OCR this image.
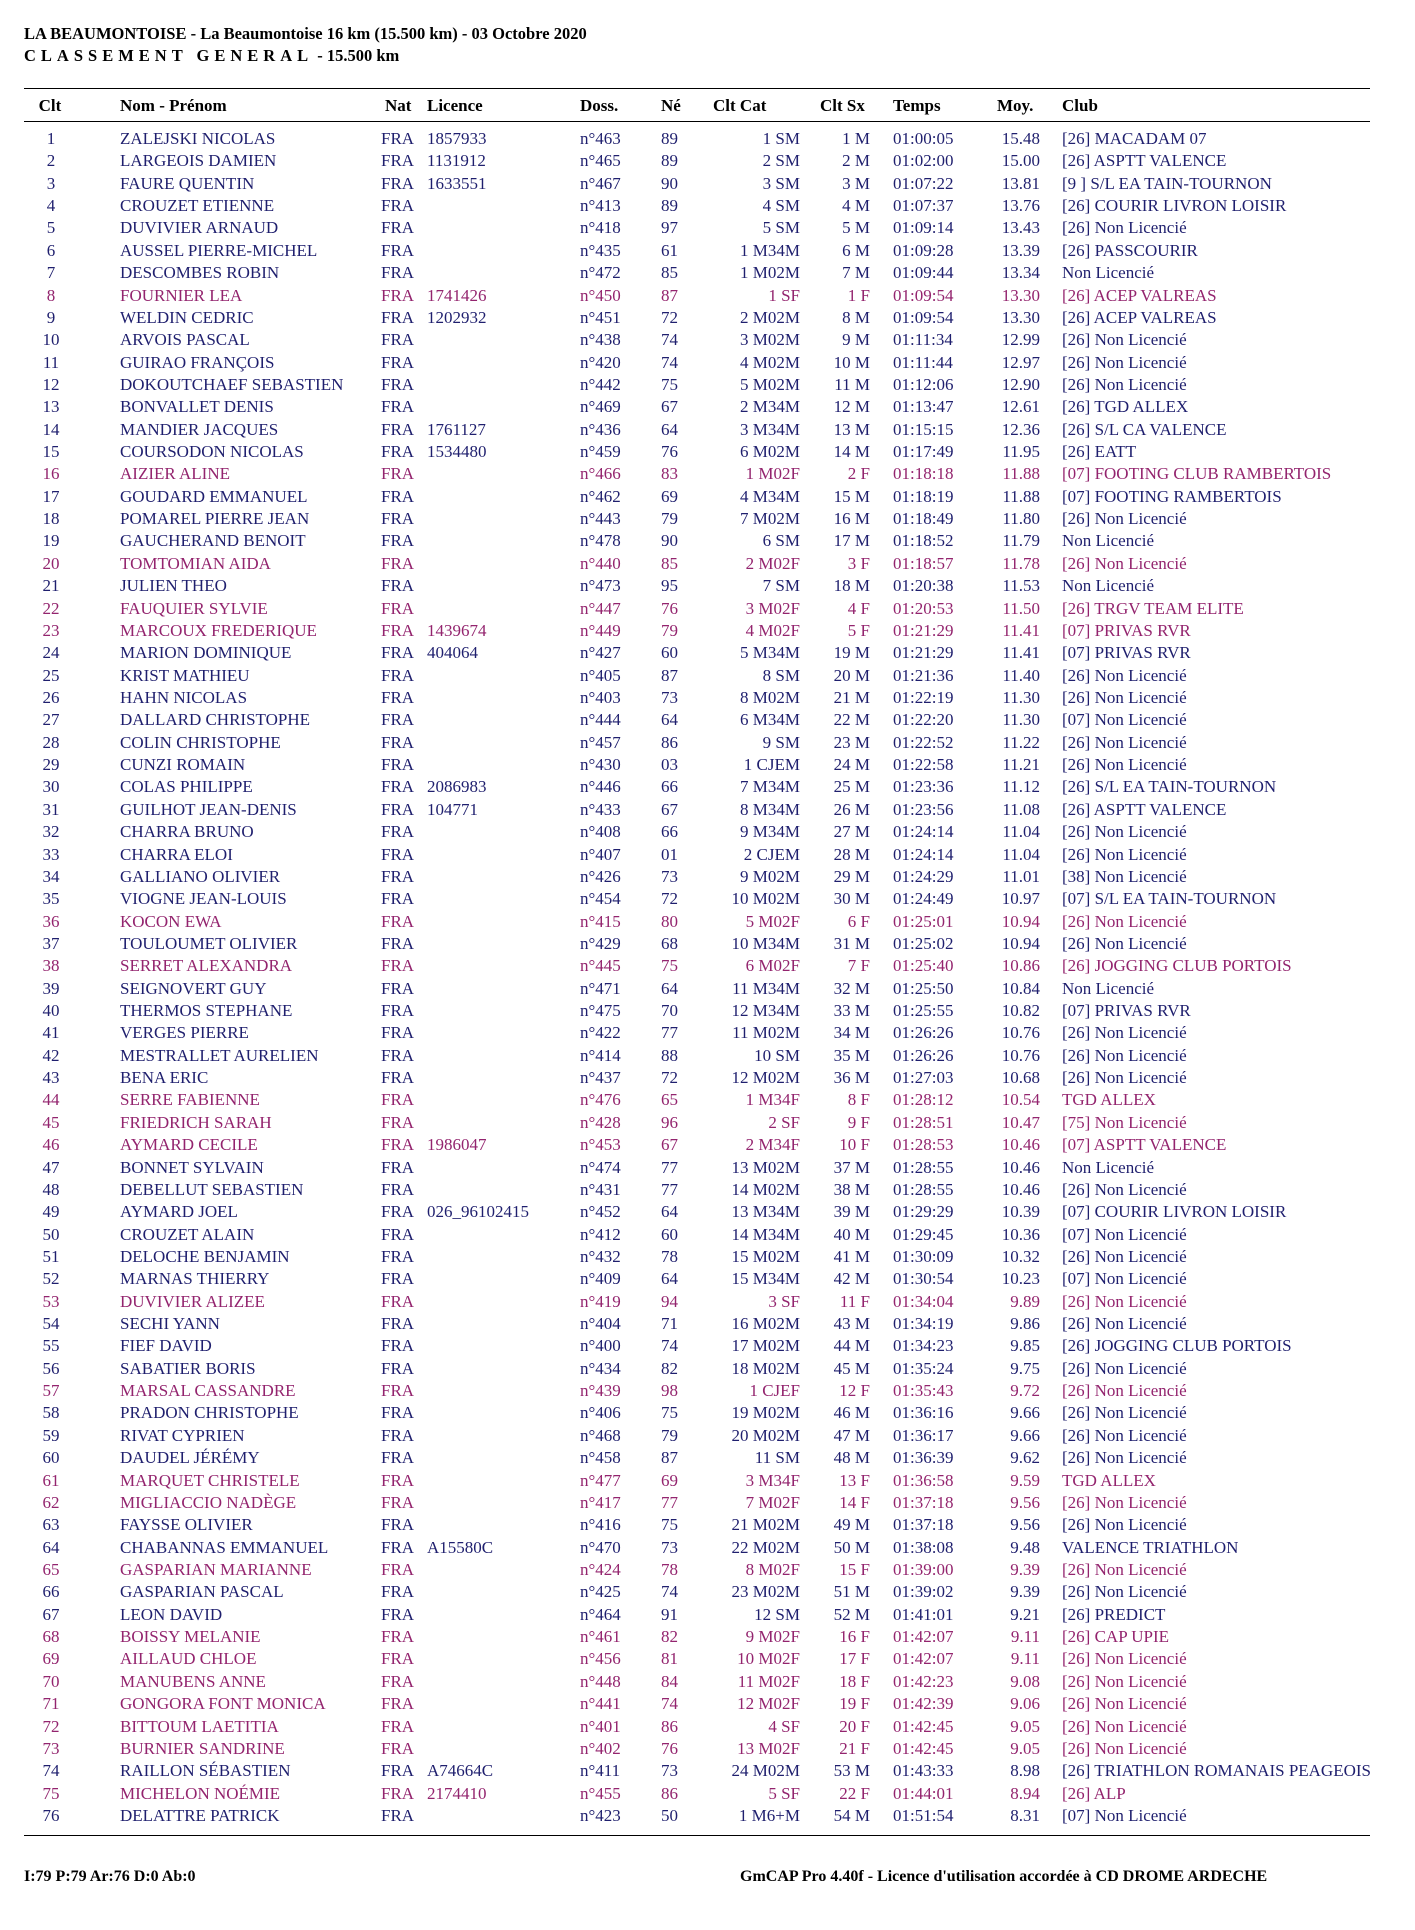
LA BEAUMONTOISE - La Beaumontoise 16 km (15.500 km) - 03 Octobre 2020
CLASSEMENT GENERAL - 15.500 km
Clt	Nom - Prénom	Nat Licence	Doss.	Né Clt Cat	Clt Sx Temps	Moy. Club
1	ZALEJSKI NICOLAS	FRA 1857933	n°463 89	1 SM	1 M 01:00:05	15.48 [26] MACADAM 07
2	LARGEOIS DAMIEN	FRA 1131912	n°465 89	2 SM	2 M 01:02:00	15.00 [26] ASPTT VALENCE
3	FAURE QUENTIN	FRA 1633551	n°467 90	3 SM	3 M 01:07:22	13.81 [9 ] S/L EA TAIN-TOURNON
4	CROUZET ETIENNE	FRA	n°413 89	4 SM	4 M 01:07:37	13.76 [26] COURIR LIVRON LOISIR
5	DUVIVIER ARNAUD	FRA	n°418 97	5 SM	5 M 01:09:14	13.43 [26] Non Licencié
6	AUSSEL PIERRE-MICHEL	FRA	n°435 61	1 M34M	6 M 01:09:28	13.39 [26] PASSCOURIR
7	DESCOMBES ROBIN	FRA	n°472 85	1 M02M	7 M 01:09:44	13.34 Non Licencié
8	FOURNIER LEA	FRA 1741426	n°450 87	1 SF	1 F 01:09:54	13.30 [26] ACEP VALREAS
9	WELDIN CEDRIC	FRA 1202932	n°451 72	2 M02M	8 M 01:09:54	13.30 [26] ACEP VALREAS
10	ARVOIS PASCAL	FRA	n°438 74	3 M02M	9 M 01:11:34	12.99 [26] Non Licencié
11	GUIRAO FRANÇOIS	FRA	n°420 74	4 M02M	10 M 01:11:44	12.97 [26] Non Licencié
12	DOKOUTCHAEF SEBASTIEN FRA	n°442 75	5 M02M	11 M 01:12:06	12.90 [26] Non Licencié
13	BONVALLET DENIS	FRA	n°469 67	2 M34M	12 M 01:13:47	12.61 [26] TGD ALLEX
14	MANDIER JACQUES	FRA 1761127	n°436 64	3 M34M	13 M 01:15:15	12.36 [26] S/L CA VALENCE
15	COURSODON NICOLAS	FRA 1534480	n°459 76	6 M02M	14 M 01:17:49	11.95 [26] EATT
16	AIZIER ALINE	FRA	n°466 83	1 M02F	2 F 01:18:18	11.88 [07] FOOTING CLUB RAMBERTOIS
17	GOUDARD EMMANUEL	FRA	n°462 69	4 M34M	15 M 01:18:19	11.88 [07] FOOTING RAMBERTOIS
18	POMAREL PIERRE JEAN	FRA	n°443 79	7 M02M	16 M 01:18:49	11.80 [26] Non Licencié
19	GAUCHERAND BENOIT	FRA	n°478 90	6 SM	17 M 01:18:52	11.79 Non Licencié
20	TOMTOMIAN AIDA	FRA	n°440 85	2 M02F	3 F 01:18:57	11.78 [26] Non Licencié
21	JULIEN THEO	FRA	n°473 95	7 SM	18 M 01:20:38	11.53 Non Licencié
22	FAUQUIER SYLVIE	FRA	n°447 76	3 M02F	4 F 01:20:53	11.50 [26] TRGV TEAM ELITE
23	MARCOUX FREDERIQUE	FRA 1439674	n°449 79	4 M02F	5 F 01:21:29	11.41 [07] PRIVAS RVR
24	MARION DOMINIQUE	FRA 404064	n°427 60	5 M34M	19 M 01:21:29	11.41 [07] PRIVAS RVR
25	KRIST MATHIEU	FRA	n°405 87	8 SM	20 M 01:21:36	11.40 [26] Non Licencié
26	HAHN NICOLAS	FRA	n°403 73	8 M02M	21 M 01:22:19	11.30 [26] Non Licencié
27	DALLARD CHRISTOPHE	FRA	n°444 64	6 M34M	22 M 01:22:20	11.30 [07] Non Licencié
28	COLIN CHRISTOPHE	FRA	n°457 86	9 SM	23 M 01:22:52	11.22 [26] Non Licencié
29	CUNZI ROMAIN	FRA	n°430 03	1 CJEM	24 M 01:22:58	11.21 [26] Non Licencié
30	COLAS PHILIPPE	FRA 2086983	n°446 66	7 M34M	25 M 01:23:36	11.12 [26] S/L EA TAIN-TOURNON
31	GUILHOT JEAN-DENIS	FRA 104771	n°433 67	8 M34M	26 M 01:23:56	11.08 [26] ASPTT VALENCE
32	CHARRA BRUNO	FRA	n°408 66	9 M34M	27 M 01:24:14	11.04 [26] Non Licencié
33	CHARRA ELOI	FRA	n°407 01	2 CJEM	28 M 01:24:14	11.04 [26] Non Licencié
34	GALLIANO OLIVIER	FRA	n°426 73	9 M02M	29 M 01:24:29	11.01 [38] Non Licencié
35	VIOGNE JEAN-LOUIS	FRA	n°454 72	10 M02M	30 M 01:24:49	10.97 [07] S/L EA TAIN-TOURNON
36	KOCON EWA	FRA	n°415 80	5 M02F	6 F 01:25:01	10.94 [26] Non Licencié
37	TOULOUMET OLIVIER	FRA	n°429 68	10 M34M	31 M 01:25:02	10.94 [26] Non Licencié
38	SERRET ALEXANDRA	FRA	n°445 75	6 M02F	7 F 01:25:40	10.86 [26] JOGGING CLUB PORTOIS
39	SEIGNOVERT GUY	FRA	n°471 64	11 M34M	32 M 01:25:50	10.84 Non Licencié
40	THERMOS STEPHANE	FRA	n°475 70	12 M34M	33 M 01:25:55	10.82 [07] PRIVAS RVR
41	VERGES PIERRE	FRA	n°422 77	11 M02M	34 M 01:26:26	10.76 [26] Non Licencié
42	MESTRALLET AURELIEN	FRA	n°414 88	10 SM	35 M 01:26:26	10.76 [26] Non Licencié
43	BENA ERIC	FRA	n°437 72	12 M02M	36 M 01:27:03	10.68 [26] Non Licencié
44	SERRE FABIENNE	FRA	n°476 65	1 M34F	8 F 01:28:12	10.54 TGD ALLEX
45	FRIEDRICH SARAH	FRA	n°428 96	2 SF	9 F 01:28:51	10.47 [75] Non Licencié
46	AYMARD CECILE	FRA 1986047	n°453 67	2 M34F	10 F 01:28:53	10.46 [07] ASPTT VALENCE
47	BONNET SYLVAIN	FRA	n°474 77	13 M02M	37 M 01:28:55	10.46 Non Licencié
48	DEBELLUT SEBASTIEN	FRA	n°431 77	14 M02M	38 M 01:28:55	10.46 [26] Non Licencié
49	AYMARD JOEL	FRA 026_96102415	n°452 64	13 M34M	39 M 01:29:29	10.39 [07] COURIR LIVRON LOISIR
50	CROUZET ALAIN	FRA	n°412 60	14 M34M	40 M 01:29:45	10.36 [07] Non Licencié
51	DELOCHE BENJAMIN	FRA	n°432 78	15 M02M	41 M 01:30:09	10.32 [26] Non Licencié
52	MARNAS THIERRY	FRA	n°409 64	15 M34M	42 M 01:30:54	10.23 [07] Non Licencié
53	DUVIVIER ALIZEE	FRA	n°419 94	3 SF	11 F 01:34:04	9.89 [26] Non Licencié
54	SECHI YANN	FRA	n°404 71	16 M02M	43 M 01:34:19	9.86 [26] Non Licencié
55	FIEF DAVID	FRA	n°400 74	17 M02M	44 M 01:34:23	9.85 [26] JOGGING CLUB PORTOIS
56	SABATIER BORIS	FRA	n°434 82	18 M02M	45 M 01:35:24	9.75 [26] Non Licencié
57	MARSAL CASSANDRE	FRA	n°439 98	1 CJEF	12 F 01:35:43	9.72 [26] Non Licencié
58	PRADON CHRISTOPHE	FRA	n°406 75	19 M02M	46 M 01:36:16	9.66 [26] Non Licencié
59	RIVAT CYPRIEN	FRA	n°468 79	20 M02M	47 M 01:36:17	9.66 [26] Non Licencié
60	DAUDEL JÉRÉMY	FRA	n°458 87	11 SM	48 M 01:36:39	9.62 [26] Non Licencié
61	MARQUET CHRISTELE	FRA	n°477 69	3 M34F	13 F 01:36:58	9.59 TGD ALLEX
62	MIGLIACCIO NADÈGE	FRA	n°417 77	7 M02F	14 F 01:37:18	9.56 [26] Non Licencié
63	FAYSSE OLIVIER	FRA	n°416 75	21 M02M	49 M 01:37:18	9.56 [26] Non Licencié
64	CHABANNAS EMMANUEL	FRA A15580C	n°470 73	22 M02M	50 M 01:38:08	9.48 VALENCE TRIATHLON
65	GASPARIAN MARIANNE	FRA	n°424 78	8 M02F	15 F 01:39:00	9.39 [26] Non Licencié
66	GASPARIAN PASCAL	FRA	n°425 74	23 M02M	51 M 01:39:02	9.39 [26] Non Licencié
67	LEON DAVID	FRA	n°464 91	12 SM	52 M 01:41:01	9.21 [26] PREDICT
68	BOISSY MELANIE	FRA	n°461 82	9 M02F	16 F 01:42:07	9.11 [26] CAP UPIE
69	AILLAUD CHLOE	FRA	n°456 81	10 M02F	17 F 01:42:07	9.11 [26] Non Licencié
70	MANUBENS ANNE	FRA	n°448 84	11 M02F	18 F 01:42:23	9.08 [26] Non Licencié
71	GONGORA FONT MONICA	FRA	n°441 74	12 M02F	19 F 01:42:39	9.06 [26] Non Licencié
72	BITTOUM LAETITIA	FRA	n°401 86	4 SF	20 F 01:42:45	9.05 [26] Non Licencié
73	BURNIER SANDRINE	FRA	n°402 76	13 M02F	21 F 01:42:45	9.05 [26] Non Licencié
74	RAILLON SÉBASTIEN	FRA A74664C	n°411 73	24 M02M	53 M 01:43:33	8.98 [26] TRIATHLON ROMANAIS PEAGEOIS
75	MICHELON NOÉMIE	FRA 2174410	n°455 86	5 SF	22 F 01:44:01	8.94 [26] ALP
76	DELATTRE PATRICK	FRA	n°423 50	1 M6+M	54 M 01:51:54	8.31 [07] Non Licencié
I:79 P:79 Ar:76 D:0 Ab:0	GmCAP Pro 4.40f - Licence d'utilisation accordée à CD DROME ARDECHE
